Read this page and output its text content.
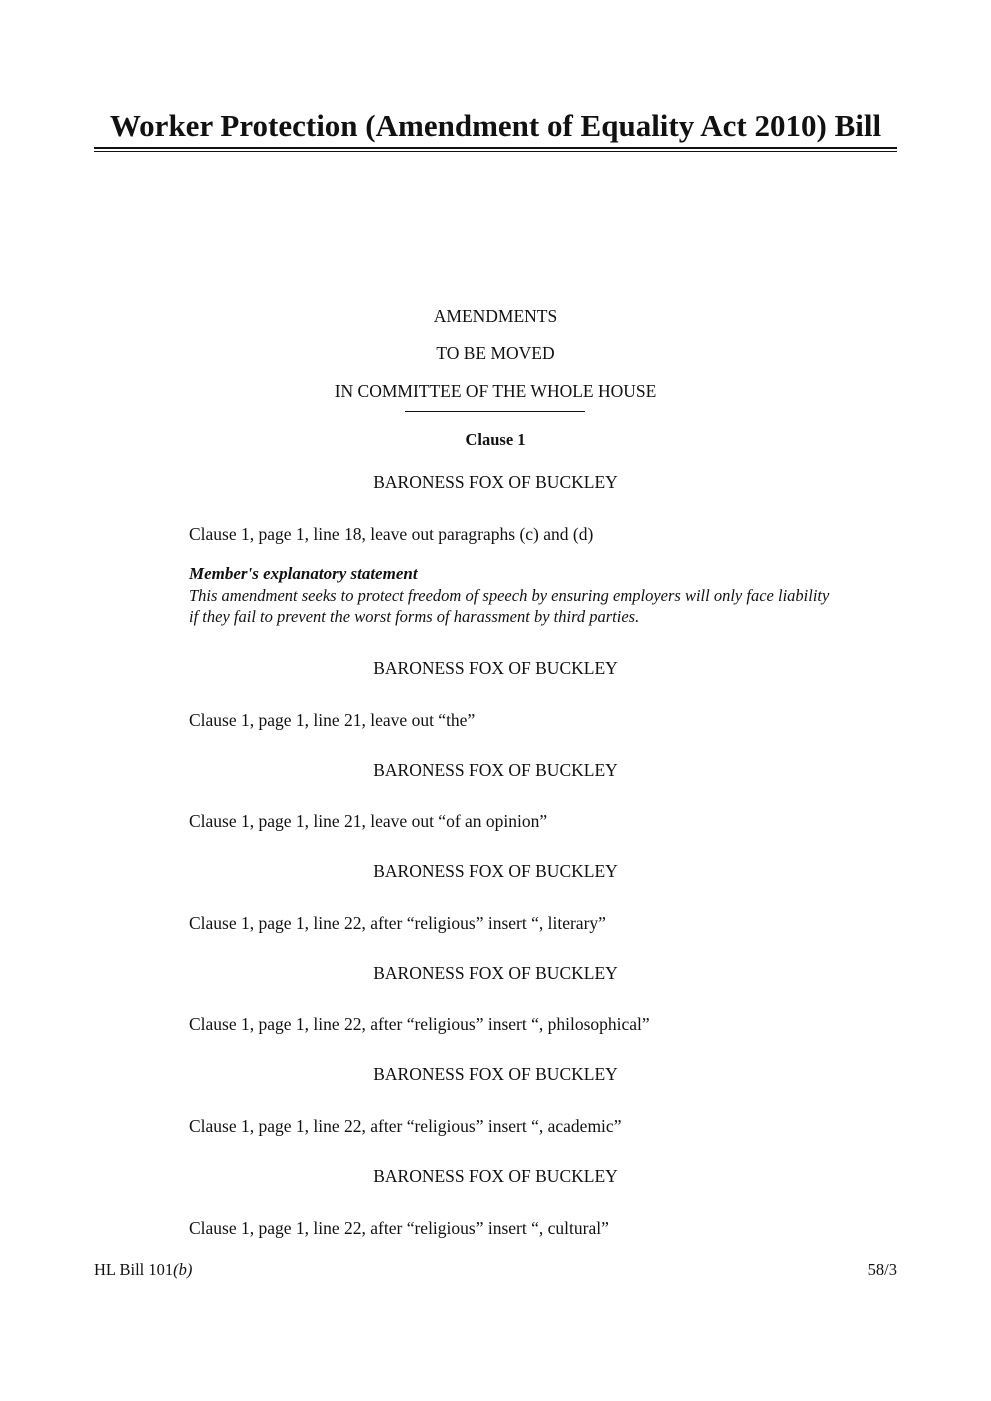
Worker Protection (Amendment of Equality Act 2010) Bill
AMENDMENTS
TO BE MOVED
IN COMMITTEE OF THE WHOLE HOUSE
Clause 1
BARONESS FOX OF BUCKLEY
Clause 1, page 1, line 18, leave out paragraphs (c) and (d)
Member's explanatory statement
This amendment seeks to protect freedom of speech by ensuring employers will only face liability
if they fail to prevent the worst forms of harassment by third parties.
BARONESS FOX OF BUCKLEY
Clause 1, page 1, line 21, leave out “the”
BARONESS FOX OF BUCKLEY
Clause 1, page 1, line 21, leave out “of an opinion”
BARONESS FOX OF BUCKLEY
Clause 1, page 1, line 22, after “religious” insert “, literary”
BARONESS FOX OF BUCKLEY
Clause 1, page 1, line 22, after “religious” insert “, philosophical”
BARONESS FOX OF BUCKLEY
Clause 1, page 1, line 22, after “religious” insert “, academic”
BARONESS FOX OF BUCKLEY
Clause 1, page 1, line 22, after “religious” insert “, cultural”
HL Bill 101(b)	58/3
